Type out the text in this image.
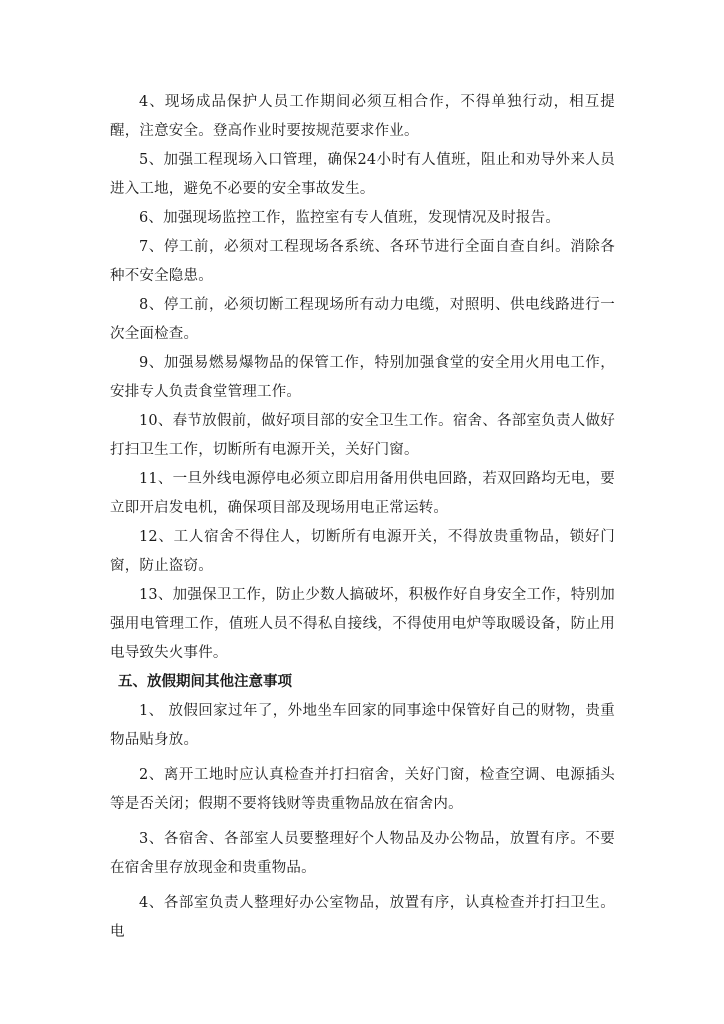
4、现场成品保护人员工作期间必须互相合作，不得单独行动，相互提醒，注意安全。登高作业时要按规范要求作业。

5、加强工程现场入口管理，确保24小时有人值班，阻止和劝导外来人员进入工地，避免不必要的安全事故发生。

6、加强现场监控工作，监控室有专人值班，发现情况及时报告。

7、停工前，必须对工程现场各系统、各环节进行全面自查自纠。消除各种不安全隐患。

8、停工前，必须切断工程现场所有动力电缆，对照明、供电线路进行一次全面检查。

9、加强易燃易爆物品的保管工作，特别加强食堂的安全用火用电工作，安排专人负责食堂管理工作。

10、春节放假前，做好项目部的安全卫生工作。宿舍、各部室负责人做好打扫卫生工作，切断所有电源开关，关好门窗。

11、一旦外线电源停电必须立即启用备用供电回路，若双回路均无电，要立即开启发电机，确保项目部及现场用电正常运转。

12、工人宿舍不得住人，切断所有电源开关，不得放贵重物品，锁好门窗，防止盗窃。

13、加强保卫工作，防止少数人搞破坏，积极作好自身安全工作，特别加强用电管理工作，值班人员不得私自接线，不得使用电炉等取暖设备，防止用电导致失火事件。

五、放假期间其他注意事项

1、 放假回家过年了，外地坐车回家的同事途中保管好自己的财物，贵重物品贴身放。

2、离开工地时应认真检查并打扫宿舍，关好门窗，检查空调、电源插头等是否关闭；假期不要将钱财等贵重物品放在宿舍内。

3、各宿舍、各部室人员要整理好个人物品及办公物品，放置有序。不要在宿舍里存放现金和贵重物品。

4、各部室负责人整理好办公室物品，放置有序，认真检查并打扫卫生。电
